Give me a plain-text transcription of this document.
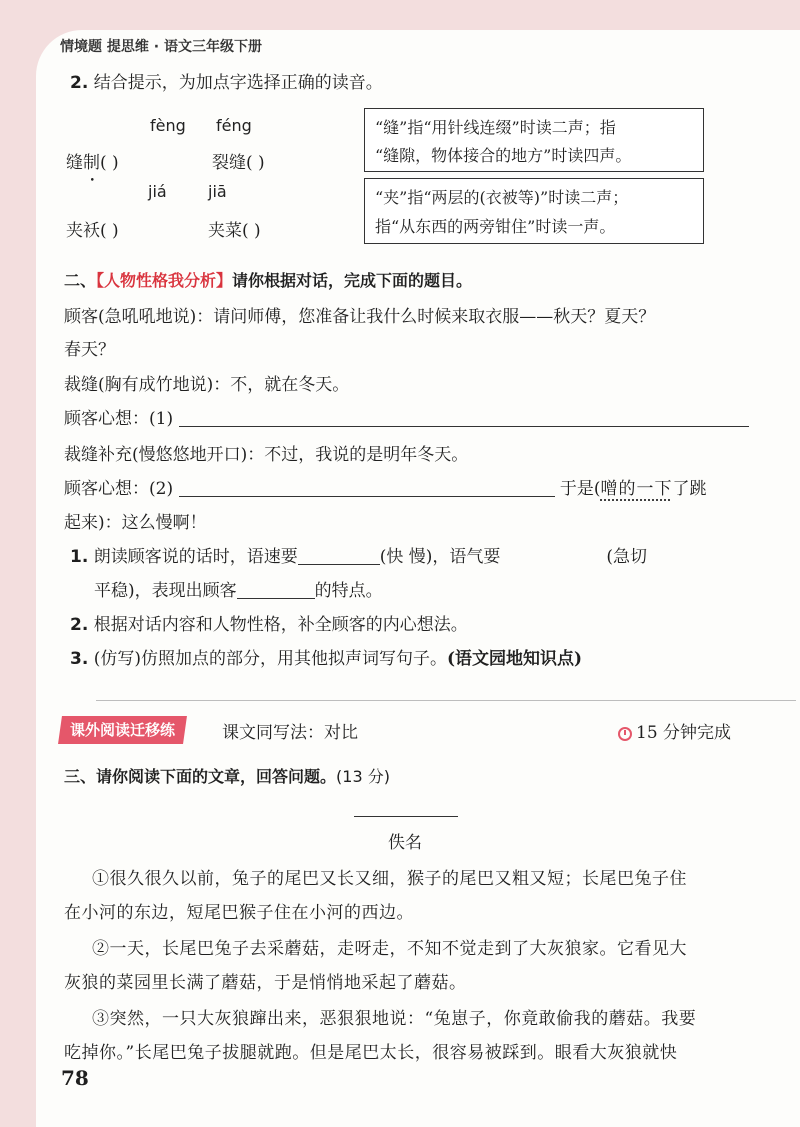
情境题 提思维 · 语文三年级下册
2. 结合提示，为加点字选择正确的读音。
fèng féng
缝制( ) •	裂缝( )
“缝”指“用针线连缀”时读二声；指
“缝隙，物体接合的地方”时读四声。
jiá	jiā
夹袄( )	夹菜( )
“夹”指“两层的(衣被等)”时读二声；
指“从东西的两旁钳住”时读一声。
二、【人物性格我分析】请你根据对话，完成下面的题目。
顾客(急吼吼地说)：请问师傅，您准备让我什么时候来取衣服——秋天？夏天？
春天？
裁缝(胸有成竹地说)：不，就在冬天。
顾客心想：(1)
裁缝补充(慢悠悠地开口)：不过，我说的是明年冬天。
顾客心想：(2)	于是(噌的一下了跳
起来)：这么慢啊！
1. 朗读顾客说的话时，语速要	(快 慢)，语气要	(急切
平稳)，表现出顾客	的特点。
2. 根据对话内容和人物性格，补全顾客的内心想法。
3. (仿写)仿照加点的部分，用其他拟声词写句子。(语文园地知识点)
课外阅读迁移练	课文同写法：对比	15 分钟完成
三、请你阅读下面的文章，回答问题。(13 分)
佚名
①很久很久以前，兔子的尾巴又长又细，猴子的尾巴又粗又短；长尾巴兔子住
在小河的东边，短尾巴猴子住在小河的西边。
②一天，长尾巴兔子去采蘑菇，走呀走，不知不觉走到了大灰狼家。它看见大
灰狼的菜园里长满了蘑菇，于是悄悄地采起了蘑菇。
③突然，一只大灰狼蹿出来，恶狠狠地说：“兔崽子，你竟敢偷我的蘑菇。我要
吃掉你。”长尾巴兔子拔腿就跑。但是尾巴太长，很容易被踩到。眼看大灰狼就快
78
